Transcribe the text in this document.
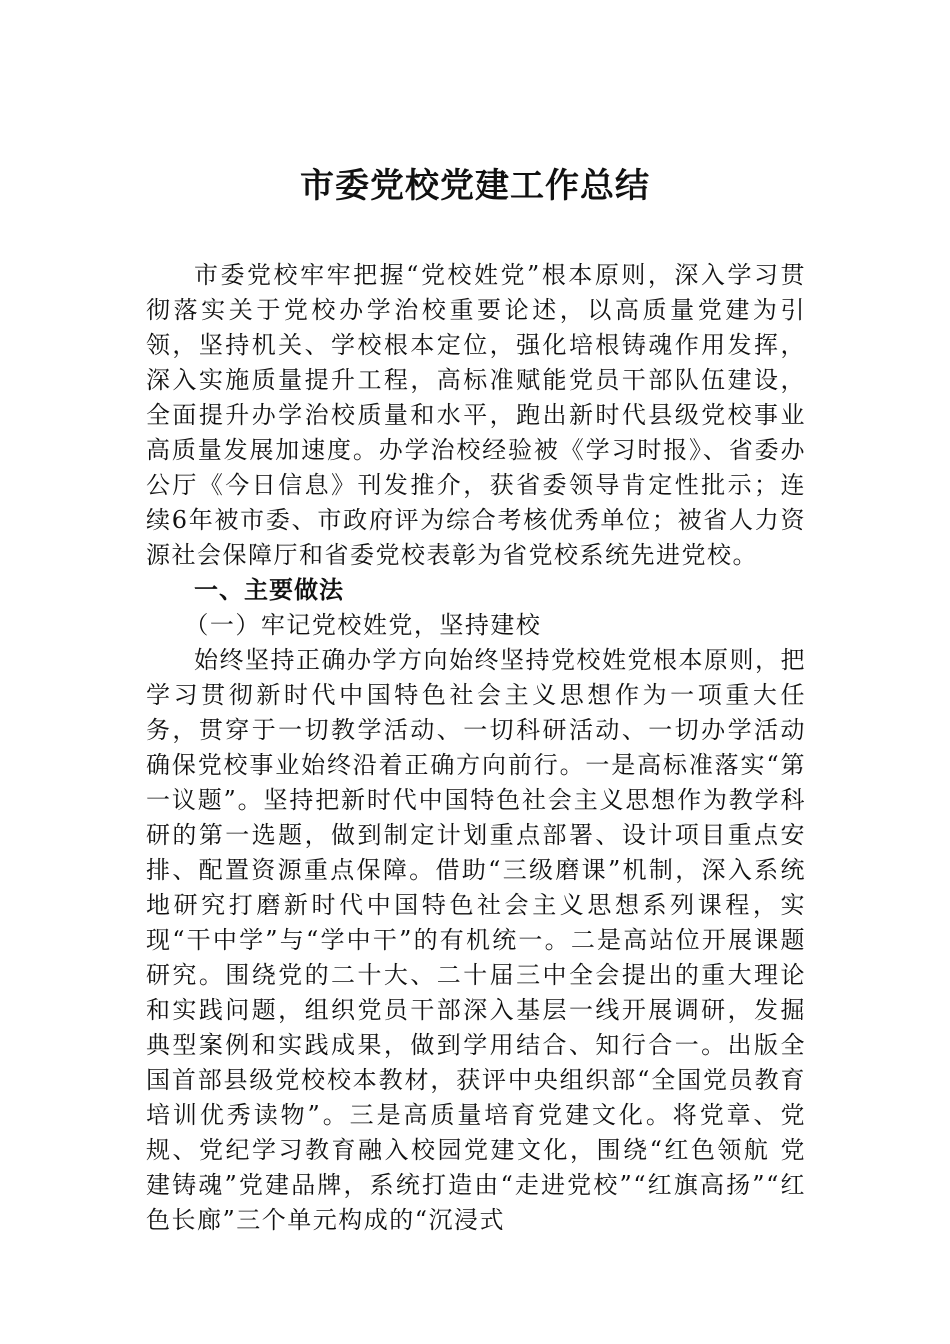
市委党校党建工作总结

市委党校牢牢把握“党校姓党”根本原则，深入学习贯彻落实关于党校办学治校重要论述，以高质量党建为引领，坚持机关、学校根本定位，强化培根铸魂作用发挥，深入实施质量提升工程，高标准赋能党员干部队伍建设，全面提升办学治校质量和水平，跑出新时代县级党校事业高质量发展加速度。办学治校经验被《学习时报》、省委办公厅《今日信息》刊发推介，获省委领导肯定性批示；连续6年被市委、市政府评为综合考核优秀单位；被省人力资源社会保障厅和省委党校表彰为省党校系统先进党校。

一、主要做法

（一）牢记党校姓党，坚持建校

始终坚持正确办学方向始终坚持党校姓党根本原则，把学习贯彻新时代中国特色社会主义思想作为一项重大任务，贯穿于一切教学活动、一切科研活动、一切办学活动确保党校事业始终沿着正确方向前行。一是高标准落实“第一议题”。坚持把新时代中国特色社会主义思想作为教学科研的第一选题，做到制定计划重点部署、设计项目重点安排、配置资源重点保障。借助“三级磨课”机制，深入系统地研究打磨新时代中国特色社会主义思想系列课程，实现“干中学”与“学中干”的有机统一。二是高站位开展课题研究。围绕党的二十大、二十届三中全会提出的重大理论和实践问题，组织党员干部深入基层一线开展调研，发掘典型案例和实践成果，做到学用结合、知行合一。出版全国首部县级党校校本教材，获评中央组织部“全国党员教育培训优秀读物”。三是高质量培育党建文化。将党章、党规、党纪学习教育融入校园党建文化，围绕“红色领航 党建铸魂”党建品牌，系统打造由“走进党校”“红旗高扬”“红色长廊”三个单元构成的“沉浸式
